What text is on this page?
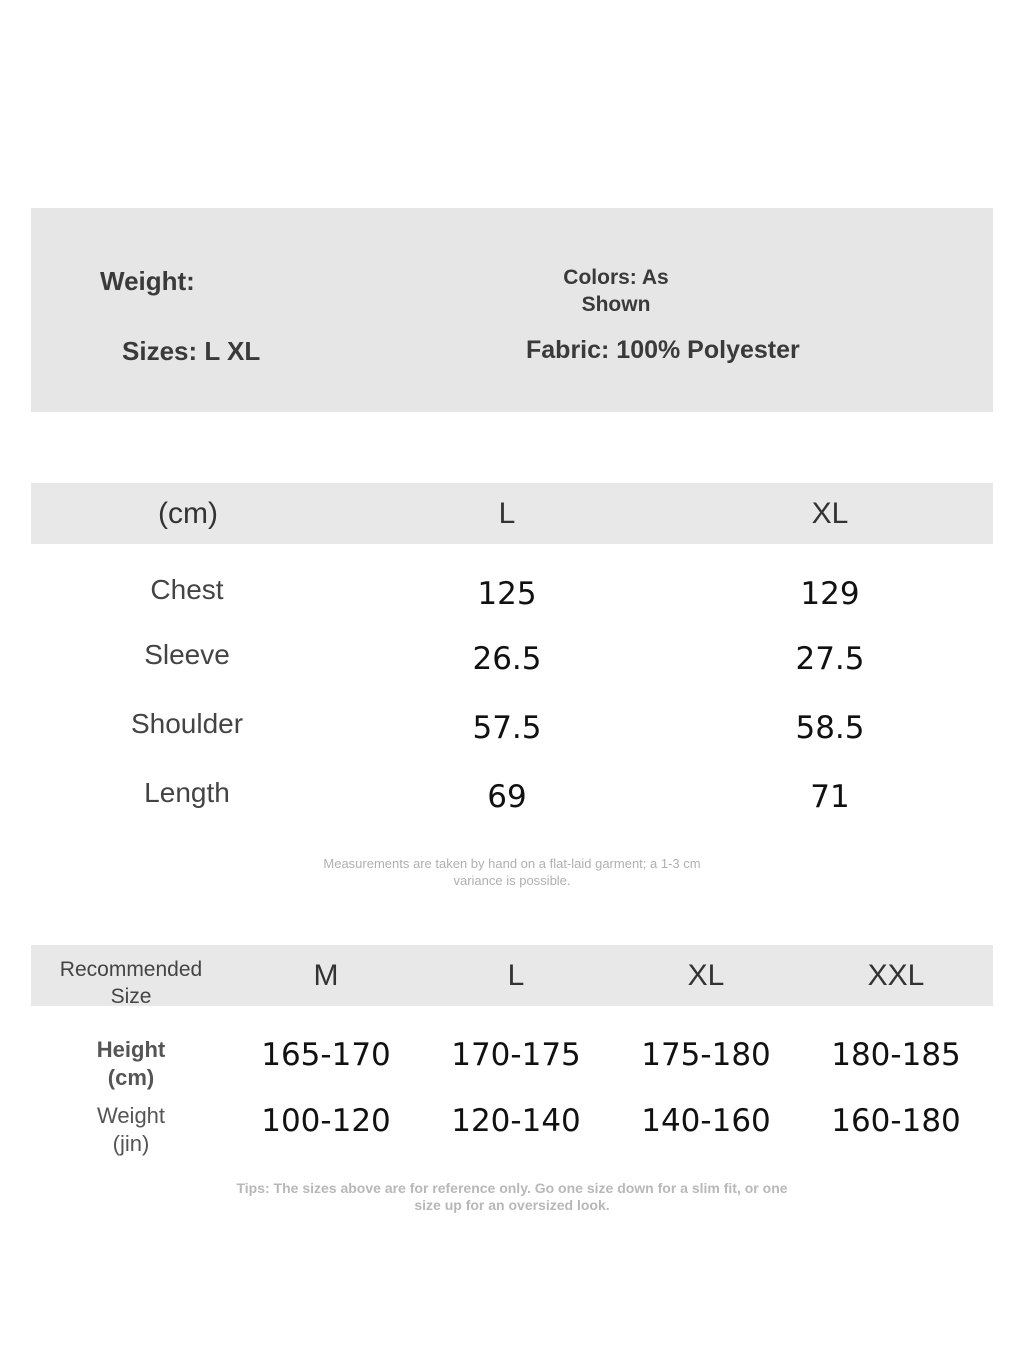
Weight:	Colors: As
Shown
Sizes: L XL	Fabric: 100% Polyester
(cm)	L	XL
Chest	125	129
Sleeve	26.5	27.5
Shoulder	57.5	58.5
Length	69	71
Measurements are taken by hand on a flat-laid garment; a 1-3 cm
variance is possible.
Recommended
Size
M	L	XL	XXL
Height
(cm)
165-170	170-175	175-180	180-185
Weight
(jin)
100-120	120-140	140-160	160-180
Tips: The sizes above are for reference only. Go one size down for a slim fit, or one
size up for an oversized look.
